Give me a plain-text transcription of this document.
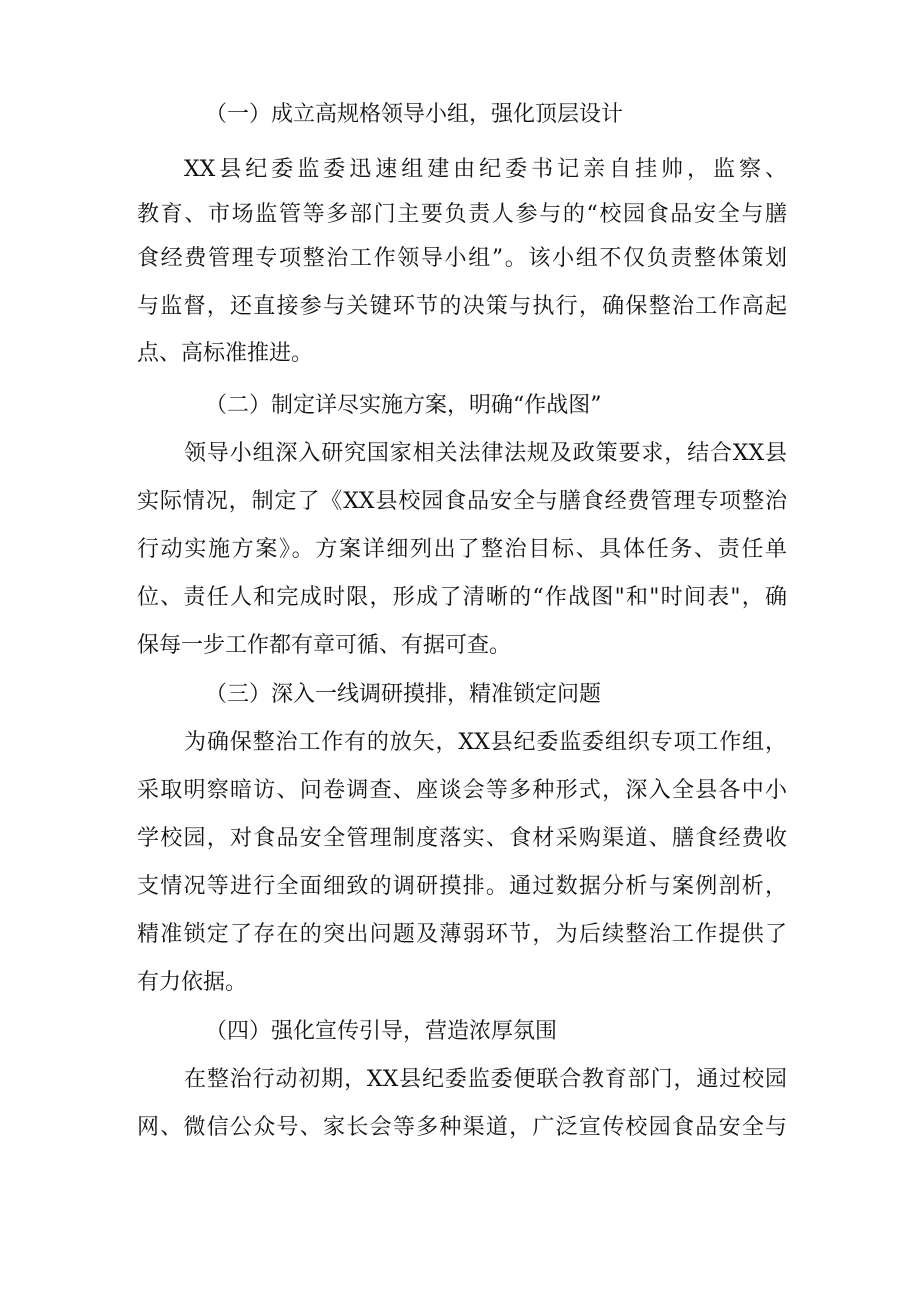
（一）成立高规格领导小组，强化顶层设计
XX县纪委监委迅速组建由纪委书记亲自挂帅，监察、
教育、市场监管等多部门主要负责人参与的“校园食品安全与膳
食经费管理专项整治工作领导小组”。该小组不仅负责整体策划
与监督，还直接参与关键环节的决策与执行，确保整治工作高起
点、高标准推进。
（二）制定详尽实施方案，明确“作战图”
领导小组深入研究国家相关法律法规及政策要求，结合XX县
实际情况，制定了《XX县校园食品安全与膳食经费管理专项整治
行动实施方案》。方案详细列出了整治目标、具体任务、责任单
位、责任人和完成时限，形成了清晰的“作战图"和"时间表"，确
保每一步工作都有章可循、有据可查。
（三）深入一线调研摸排，精准锁定问题
为确保整治工作有的放矢，XX县纪委监委组织专项工作组，
采取明察暗访、问卷调查、座谈会等多种形式，深入全县各中小
学校园，对食品安全管理制度落实、食材采购渠道、膳食经费收
支情况等进行全面细致的调研摸排。通过数据分析与案例剖析，
精准锁定了存在的突出问题及薄弱环节，为后续整治工作提供了
有力依据。
（四）强化宣传引导，营造浓厚氛围
在整治行动初期，XX县纪委监委便联合教育部门，通过校园
网、微信公众号、家长会等多种渠道，广泛宣传校园食品安全与
